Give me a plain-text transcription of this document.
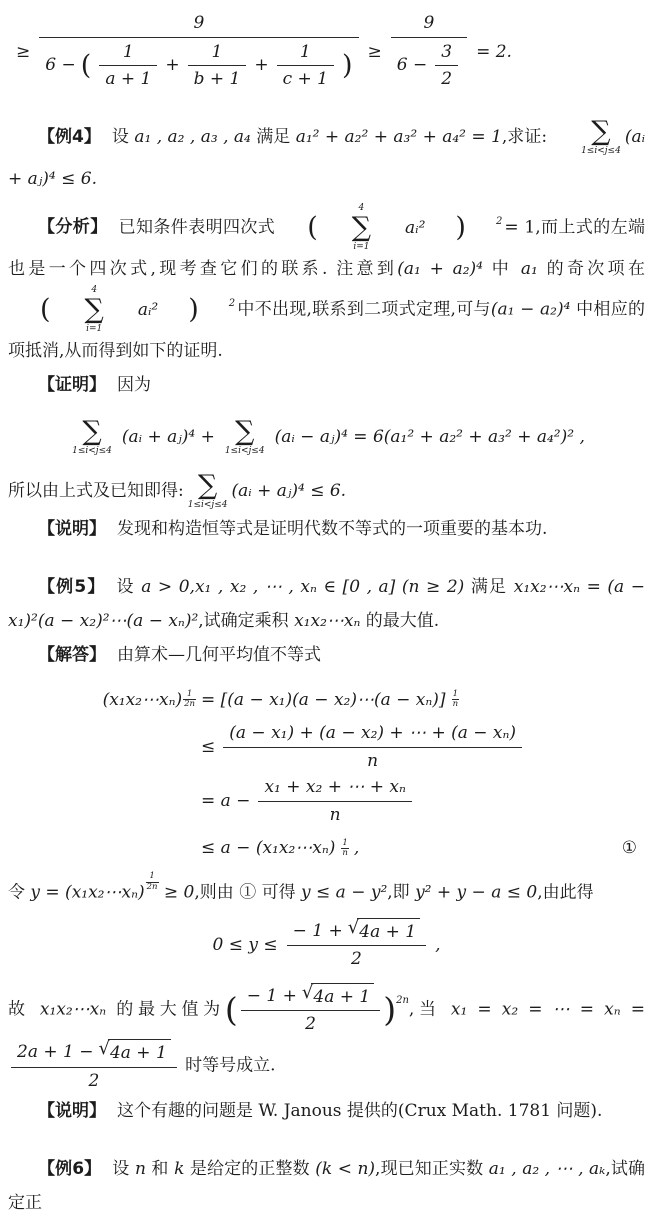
≥
9
6 − ( $\frac{1}{a + 1} + \frac{1}{b + 1} + \frac{1}{c + 1}$ ) ≥ $\frac{9}{6 - \frac{3}{2}} = 2$.

【例4】 设 a₁ , a₂ , a₃ , a₄ 满足 a₁² + a₂² + a₃² + a₄² = 1,求证:	∑
1≤i<j≤4
(aᵢ + aⱼ)⁴ ≤ 6.

【分析】 已知条件表明四次式	(
4
∑
i=1
aᵢ²	)	$^2$ = 1,而上式的左端也是一个四次式,现考查它们的联系. 注意到(a₁ + a₂)⁴ 中 a₁ 的奇次项在
(
4
∑
i=1
aᵢ²	)	$^2$ 中不出现,联系到二项式定理,可与(a₁ − a₂)⁴ 中相应的项抵消,从而得到如下的证明.

【证明】 因为

∑
1≤i<j≤4
(aᵢ + aⱼ)⁴ + ∑
1≤i<j≤4
(aᵢ − aⱼ)⁴ = 6(a₁² + a₂² + a₃² + a₄²)² ,

所以由上式及已知即得: ∑
1≤i<j≤4
(aᵢ + aⱼ)⁴ ≤ 6.

【说明】 发现和构造恒等式是证明代数不等式的一项重要的基本功.

【例5】 设 a > 0,x₁ , x₂ , ⋯ , xₙ ∈ [0 , a] (n ≥ 2) 满足 x₁x₂⋯xₙ = (a − x₁)²(a − x₂)²⋯(a − xₙ)²,试确定乘积 x₁x₂⋯xₙ 的最大值.

【解答】 由算术—几何平均值不等式

(x₁x₂⋯xₙ) 1
2n = [(a − x₁)(a − x₂)⋯(a − xₙ)] 1
n
≤ $\frac{\text{(a − x₁) + (a − x₂) + ⋯ + (a − xₙ)}}{n}$
= $a - \frac{\text{x₁ + x₂ + ⋯ + xₙ}}{n}$
≤ a − (x₁x₂⋯xₙ) 1
n ,	①

令 y = (x₁x₂⋯xₙ)
$^{\frac{1}{2n}}$
≥ 0,则由 ① 可得 y ≤ a − y²,即 y² + y − a ≤ 0,由此得

$0 \le y \le \frac{- 1 + √ 4a + 1}{2}$ ,

故 x₁x₂⋯xₙ 的最大值为 ( $\frac{- 1 + √ 4a + 1}{2} )^{2n}$ ,当 x₁ = x₂ = ⋯ = xₙ =
$\frac{2a + 1 - √ 4a + 1}{2}$ 时等号成立.

【说明】 这个有趣的问题是 W. Janous 提供的(Crux Math. 1781 问题).

【例6】 设 n 和 k 是给定的正整数 (k < n),现已知正实数 a₁ , a₂ , ⋯ , aₖ,试确定正
